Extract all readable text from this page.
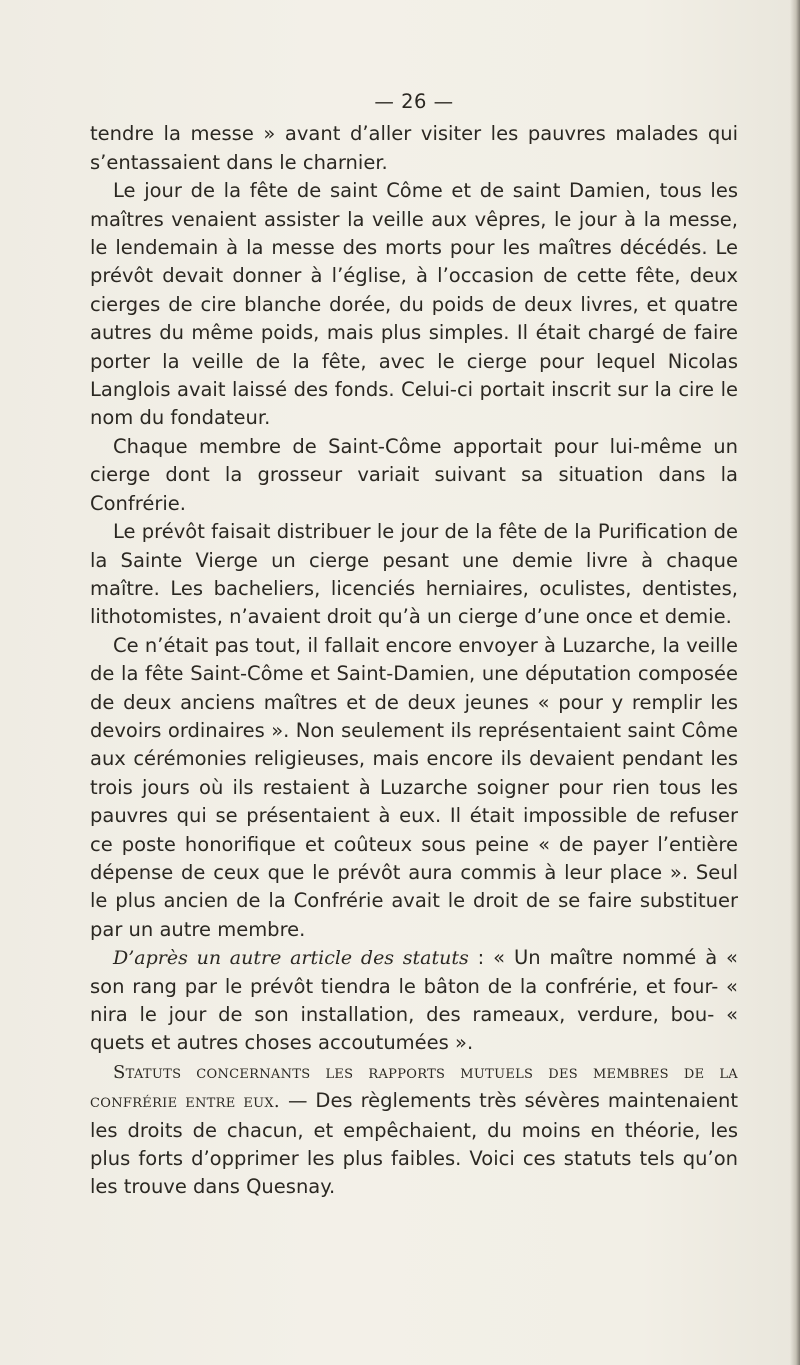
— 26 —

tendre la messe » avant d’aller visiter les pauvres malades qui s’entassaient dans le charnier.

Le jour de la fête de saint Côme et de saint Damien, tous les maîtres venaient assister la veille aux vêpres, le jour à la messe, le lendemain à la messe des morts pour les maîtres décédés. Le prévôt devait donner à l’église, à l’occasion de cette fête, deux cierges de cire blanche dorée, du poids de deux livres, et quatre autres du même poids, mais plus simples. Il était chargé de faire porter la veille de la fête, avec le cierge pour lequel Nicolas Langlois avait laissé des fonds. Celui-ci portait inscrit sur la cire le nom du fondateur.

Chaque membre de Saint-Côme apportait pour lui-même un cierge dont la grosseur variait suivant sa situation dans la Confrérie.

Le prévôt faisait distribuer le jour de la fête de la Purification de la Sainte Vierge un cierge pesant une demie livre à chaque maître. Les bacheliers, licenciés herniaires, oculistes, dentistes, lithotomistes, n’avaient droit qu’à un cierge d’une once et demie.

Ce n’était pas tout, il fallait encore envoyer à Luzarche, la veille de la fête Saint-Côme et Saint-Damien, une députation composée de deux anciens maîtres et de deux jeunes « pour y remplir les devoirs ordinaires ». Non seulement ils représentaient saint Côme aux cérémonies religieuses, mais encore ils devaient pendant les trois jours où ils restaient à Luzarche soigner pour rien tous les pauvres qui se présentaient à eux. Il était impossible de refuser ce poste honorifique et coûteux sous peine « de payer l’entière dépense de ceux que le prévôt aura commis à leur place ». Seul le plus ancien de la Confrérie avait le droit de se faire substituer par un autre membre.

D’après un autre article des statuts : « Un maître nommé à « son rang par le prévôt tiendra le bâton de la confrérie, et four- « nira le jour de son installation, des rameaux, verdure, bou- « quets et autres choses accoutumées ».

Statuts concernants les rapports mutuels des membres de la confrérie entre eux. — Des règlements très sévères maintenaient les droits de chacun, et empêchaient, du moins en théorie, les plus forts d’opprimer les plus faibles. Voici ces statuts tels qu’on les trouve dans Quesnay.
